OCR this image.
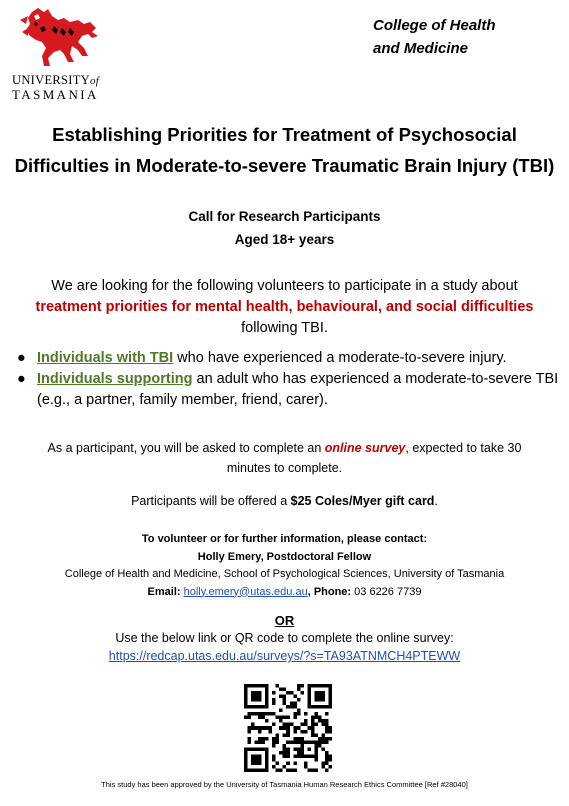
UNIVERSITYof
TASMANIA
College of Health
and Medicine
Establishing Priorities for Treatment of Psychosocial
Difficulties in Moderate-to-severe Traumatic Brain Injury (TBI)
Call for Research Participants
Aged 18+ years
We are looking for the following volunteers to participate in a study about
treatment priorities for mental health, behavioural, and social difficulties
following TBI.
● Individuals with TBI who have experienced a moderate-to-severe injury.
● Individuals supporting an adult who has experienced a moderate-to-severe TBI (e.g., a partner, family member, friend, carer).
As a participant, you will be asked to complete an online survey, expected to take 30 minutes to complete.
Participants will be offered a $25 Coles/Myer gift card.
To volunteer or for further information, please contact:
Holly Emery, Postdoctoral Fellow
College of Health and Medicine, School of Psychological Sciences, University of Tasmania
Email: holly.emery@utas.edu.au, Phone: 03 6226 7739
OR
Use the below link or QR code to complete the online survey:
https://redcap.utas.edu.au/surveys/?s=TA93ATNMCH4PTEWW
This study has been approved by the University of Tasmania Human Research Ethics Committee [Ref #28040]
